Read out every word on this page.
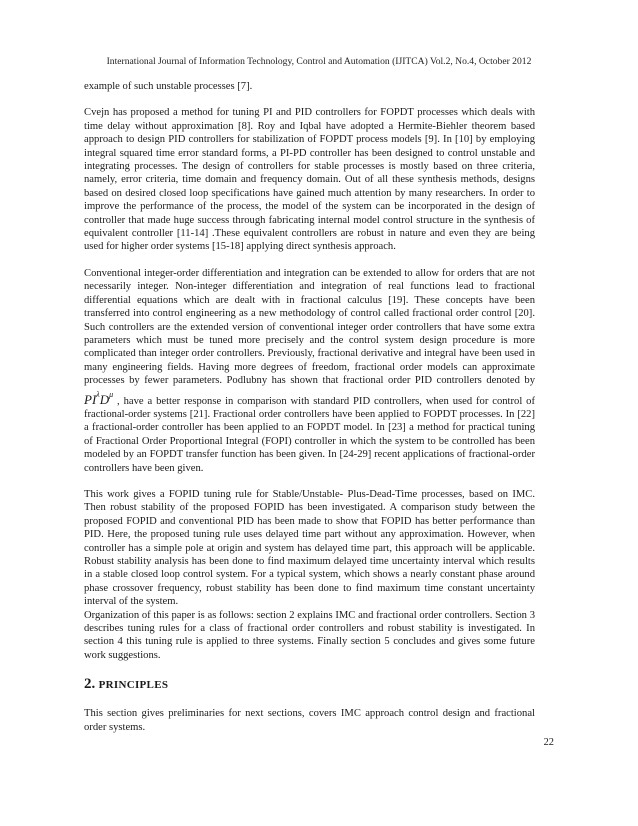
International Journal of Information Technology, Control and Automation (IJITCA) Vol.2, No.4, October 2012

example of such unstable processes [7].

Cvejn has proposed a method for tuning PI and PID controllers for FOPDT processes which deals with time delay without approximation [8]. Roy and Iqbal have adopted a Hermite-Biehler theorem based approach to design PID controllers for stabilization of FOPDT process models [9]. In [10] by employing integral squared time error standard forms, a PI-PD controller has been designed to control unstable and integrating processes. The design of controllers for stable processes is mostly based on three criteria, namely, error criteria, time domain and frequency domain. Out of all these synthesis methods, designs based on desired closed loop specifications have gained much attention by many researchers. In order to improve the performance of the process, the model of the system can be incorporated in the design of controller that made huge success through fabricating internal model control structure in the synthesis of equivalent controller [11-14] .These equivalent controllers are robust in nature and even they are being used for higher order systems [15-18] applying direct synthesis approach.

Conventional integer-order differentiation and integration can be extended to allow for orders that are not necessarily integer. Non-integer differentiation and integration of real functions lead to fractional differential equations which are dealt with in fractional calculus [19]. These concepts have been transferred into control engineering as a new methodology of control called fractional order control [20]. Such controllers are the extended version of conventional integer order controllers that have some extra parameters which must be tuned more precisely and the control system design procedure is more complicated than integer order controllers. Previously, fractional derivative and integral have been used in many engineering fields. Having more degrees of freedom, fractional order models can approximate processes by fewer parameters. Podlubny has shown that fractional order PID controllers denoted by $PI^\lambda D^\mu$ , have a better response in comparison with standard PID controllers, when used for control of fractional-order systems [21]. Fractional order controllers have been applied to FOPDT processes. In [22] a fractional-order controller has been applied to an FOPDT model. In [23] a method for practical tuning of Fractional Order Proportional Integral (FOPI) controller in which the system to be controlled has been modeled by an FOPDT transfer function has been given. In [24-29] recent applications of fractional-order controllers have been given.

This work gives a FOPID tuning rule for Stable/Unstable- Plus-Dead-Time processes, based on IMC. Then robust stability of the proposed FOPID has been investigated. A comparison study between the proposed FOPID and conventional PID has been made to show that FOPID has better performance than PID. Here, the proposed tuning rule uses delayed time part without any approximation. However, when controller has a simple pole at origin and system has delayed time part, this approach will be applicable. Robust stability analysis has been done to find maximum delayed time uncertainty interval which results in a stable closed loop control system. For a typical system, which shows a nearly constant phase around phase crossover frequency, robust stability has been done to find maximum time constant uncertainty interval of the system.

Organization of this paper is as follows: section 2 explains IMC and fractional order controllers. Section 3 describes tuning rules for a class of fractional order controllers and robust stability is investigated. In section 4 this tuning rule is applied to three systems. Finally section 5 concludes and gives some future work suggestions.

2. PRINCIPLES

This section gives preliminaries for next sections, covers IMC approach control design and fractional order systems.

22
